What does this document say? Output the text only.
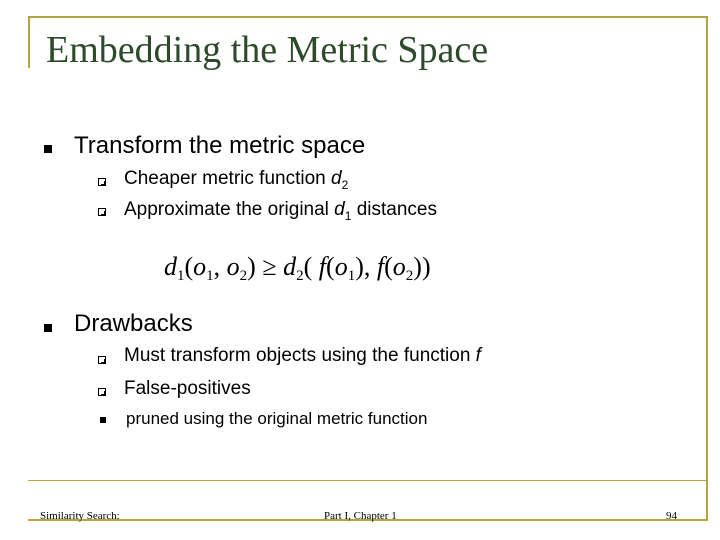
Embedding the Metric Space
Transform the metric space
Cheaper metric function $d_2$
Approximate the original $d_1$ distances
$d_1(o_1$, $o_2) \ge d_2$( $f(o_1)$, $f(o_2)$)
Drawbacks
Must transform objects using the function f
False-positives
pruned using the original metric function
Similarity Search:	Part I, Chapter 1	94
